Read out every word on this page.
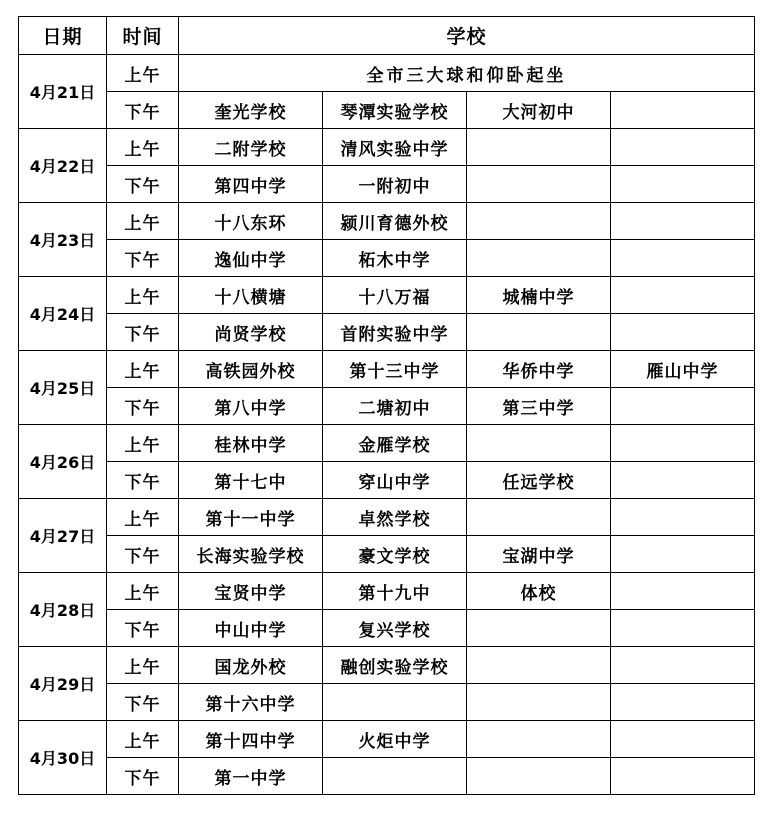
日期	时间	学校			
4月21日	上午	全市三大球和仰卧起坐			
	下午	奎光学校	琴潭实验学校	大河初中	
4月22日	上午	二附学校	清风实验中学		
	下午	第四中学	一附初中		
4月23日	上午	十八东环	颍川育德外校		
	下午	逸仙中学	柘木中学		
4月24日	上午	十八横塘	十八万福	城楠中学	
	下午	尚贤学校	首附实验中学		
4月25日	上午	高铁园外校	第十三中学	华侨中学	雁山中学
	下午	第八中学	二塘初中	第三中学	
4月26日	上午	桂林中学	金雁学校		
	下午	第十七中	穿山中学	任远学校	
4月27日	上午	第十一中学	卓然学校		
	下午	长海实验学校	豪文学校	宝湖中学	
4月28日	上午	宝贤中学	第十九中	体校	
	下午	中山中学	复兴学校		
4月29日	上午	国龙外校	融创实验学校		
	下午	第十六中学			
4月30日	上午	第十四中学	火炬中学		
	下午	第一中学			
